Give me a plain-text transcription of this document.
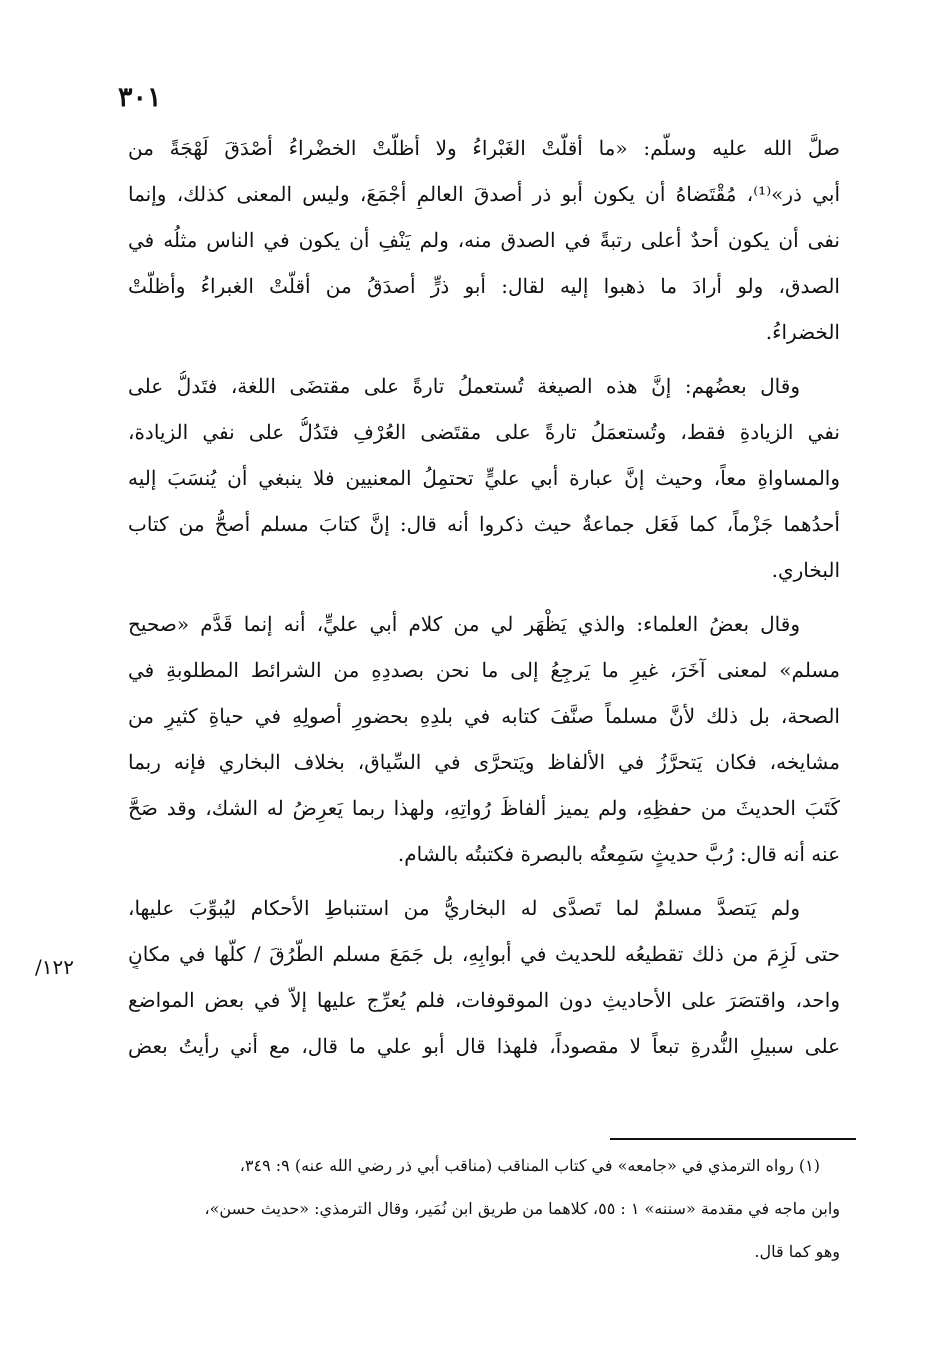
٣٠١
صلَّ الله عليه وسلَّم: «ما أقلَّتْ الغَبْراءُ ولا أظلَّتْ الخضْراءُ أصْدَقَ لَهْجَةً من
أبي ذر»⁽¹⁾، مُقْتَضاهُ أن يكون أبو ذر أصدقَ العالمِ أجْمَعَ، وليس المعنى كذلك، وإنما
نفى أن يكون أحدٌ أعلى رتبةً في الصدق منه، ولم يَنْفِ أن يكون في الناس مثلُه في
الصدق، ولو أرادَ ما ذهبوا إليه لقال: أبو ذرٍّ أصدَقُ من أقلَّتْ الغبراءُ وأظلَّتْ
الخضراءُ.
وقال بعضُهم: إنَّ هذه الصيغة تُستعملُ تارةً على مقتضَى اللغة، فتَدلُّ على
نفي الزيادةِ فقط، وتُستعمَلُ تارةً على مقتَضى العُرْفِ فتَدُلُّ على نفي الزيادة،
والمساواةِ معاً، وحيث إنَّ عبارة أبي عليٍّ تحتمِلُ المعنيين فلا ينبغي أن يُنسَبَ إليه
أحدُهما جَزْماً، كما فَعَل جماعةٌ حيث ذكروا أنه قال: إنَّ كتابَ مسلم أصحُّ من كتاب
البخاري.
وقال بعضُ العلماء: والذي يَظْهَر لي من كلام أبي عليٍّ، أنه إنما قَدَّم «صحيح
مسلم» لمعنى آخَرَ، غيرِ ما يَرجِعُ إلى ما نحن بصددِهِ من الشرائط المطلوبةِ في
الصحة، بل ذلك لأنَّ مسلماً صنَّفَ كتابه في بلدِهِ بحضورِ أصولِهِ في حياةِ كثيرٍ من
مشايخه، فكان يَتحرَّزُ في الألفاظ ويَتحرَّى في السِّياق، بخلاف البخاري فإنه ربما
كَتَبَ الحديثَ من حفظِهِ، ولم يميز ألفاظَ رُواتِهِ، ولهذا ربما يَعرِضُ له الشك، وقد صَحَّ
عنه أنه قال: رُبَّ حديثٍ سَمِعتُه بالبصرة فكتبتُه بالشام.
ولم يَتصدَّ مسلمٌ لما تَصدَّى له البخاريُّ من استنباطِ الأحكام ليُبوِّبَ عليها،
حتى لَزِمَ من ذلك تقطيعُه للحديث في أبوابِهِ، بل جَمَعَ مسلم الطُّرُقَ / كلَّها في مكانٍ
واحد، واقتصَرَ على الأحاديثِ دون الموقوفات، فلم يُعرِّج عليها إلاّ في بعض المواضع
على سبيلِ النُّدرةِ تبعاً لا مقصوداً، فلهذا قال أبو علي ما قال، مع أني رأيتُ بعض
١٢٢/
(١) رواه الترمذي في «جامعه» في كتاب المناقب (مناقب أبي ذر رضي الله عنه) ٩: ٣٤٩،
وابن ماجه في مقدمة «سننه» ١ : ٥٥، كلاهما من طريق ابن نُمَير، وقال الترمذي: «حديث حسن»،
وهو كما قال.
